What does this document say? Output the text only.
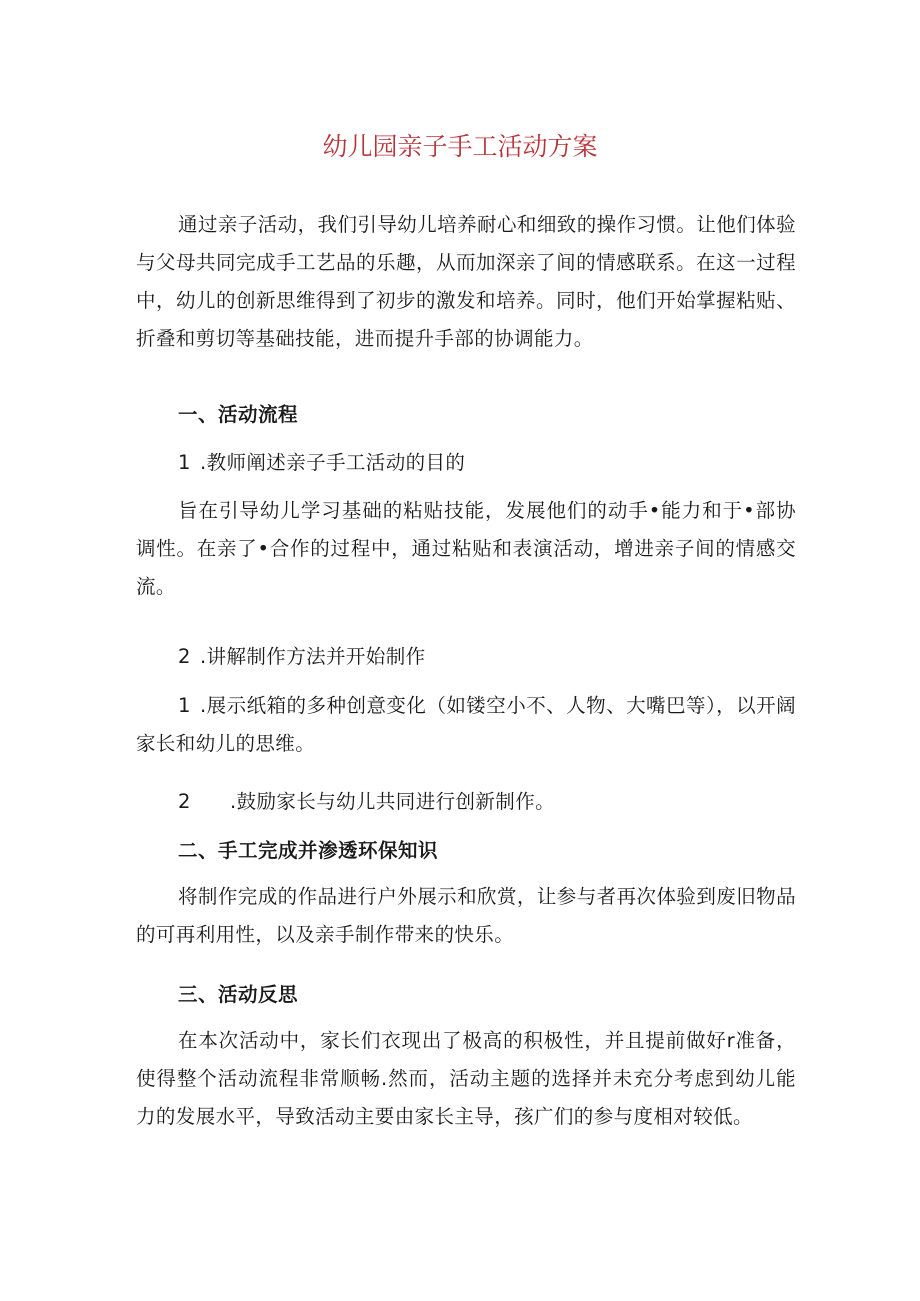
幼儿园亲子手工活动方案
通过亲子活动，我们引导幼儿培养耐心和细致的操作习惯。让他们体验与父母共同完成手工艺品的乐趣，从而加深亲了间的情感联系。在这一过程中，幼儿的创新思维得到了初步的激发和培养。同时，他们开始掌握粘贴、折叠和剪切等基础技能，进而提升手部的协调能力。
一、活动流程
1 .教师阐述亲子手工活动的目的
旨在引导幼儿学习基础的粘贴技能，发展他们的动手•能力和于•部协调性。在亲了•合作的过程中，通过粘贴和表演活动，增进亲子间的情感交流。
2 .讲解制作方法并开始制作
1 .展示纸箱的多种创意变化（如镂空小不、人物、大嘴巴等），以开阔家长和幼儿的思维。
2 .鼓励家长与幼儿共同进行创新制作。
二、手工完成并渗透环保知识
将制作完成的作品进行户外展示和欣赏，让参与者再次体验到废旧物品的可再利用性，以及亲手制作带来的快乐。
三、活动反思
在本次活动中，家长们衣现出了极高的积极性，并且提前做好r准备，使得整个活动流程非常顺畅.然而，活动主题的选择并未充分考虑到幼儿能力的发展水平，导致活动主要由家长主导，孩广们的参与度相对较低。
